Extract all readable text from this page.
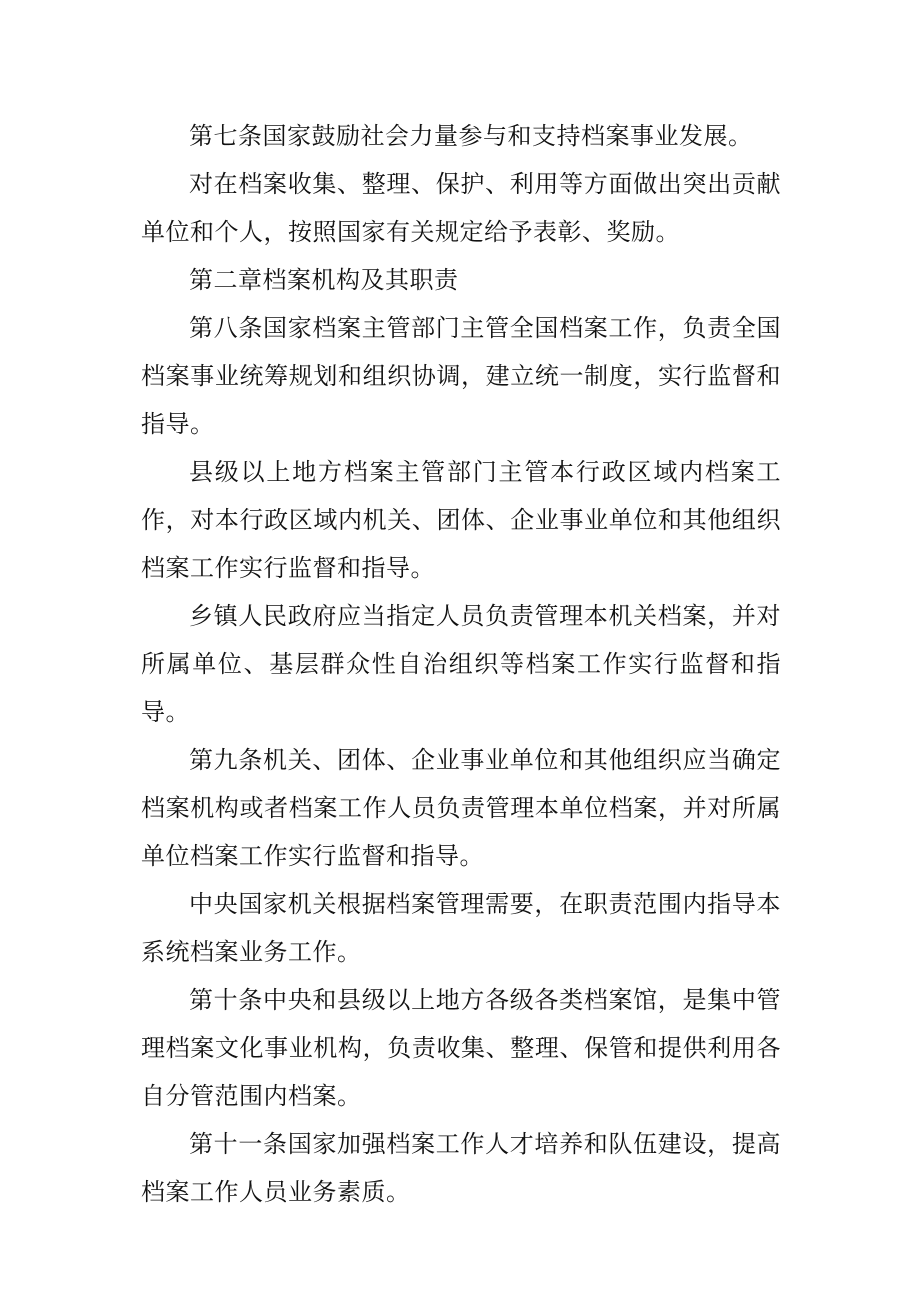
第七条国家鼓励社会力量参与和支持档案事业发展。

对在档案收集、整理、保护、利用等方面做出突出贡献单位和个人，按照国家有关规定给予表彰、奖励。

第二章档案机构及其职责

第八条国家档案主管部门主管全国档案工作，负责全国档案事业统筹规划和组织协调，建立统一制度，实行监督和指导。

县级以上地方档案主管部门主管本行政区域内档案工作，对本行政区域内机关、团体、企业事业单位和其他组织档案工作实行监督和指导。

乡镇人民政府应当指定人员负责管理本机关档案，并对所属单位、基层群众性自治组织等档案工作实行监督和指导。

第九条机关、团体、企业事业单位和其他组织应当确定档案机构或者档案工作人员负责管理本单位档案，并对所属单位档案工作实行监督和指导。

中央国家机关根据档案管理需要，在职责范围内指导本系统档案业务工作。

第十条中央和县级以上地方各级各类档案馆，是集中管理档案文化事业机构，负责收集、整理、保管和提供利用各自分管范围内档案。

第十一条国家加强档案工作人才培养和队伍建设，提高档案工作人员业务素质。
